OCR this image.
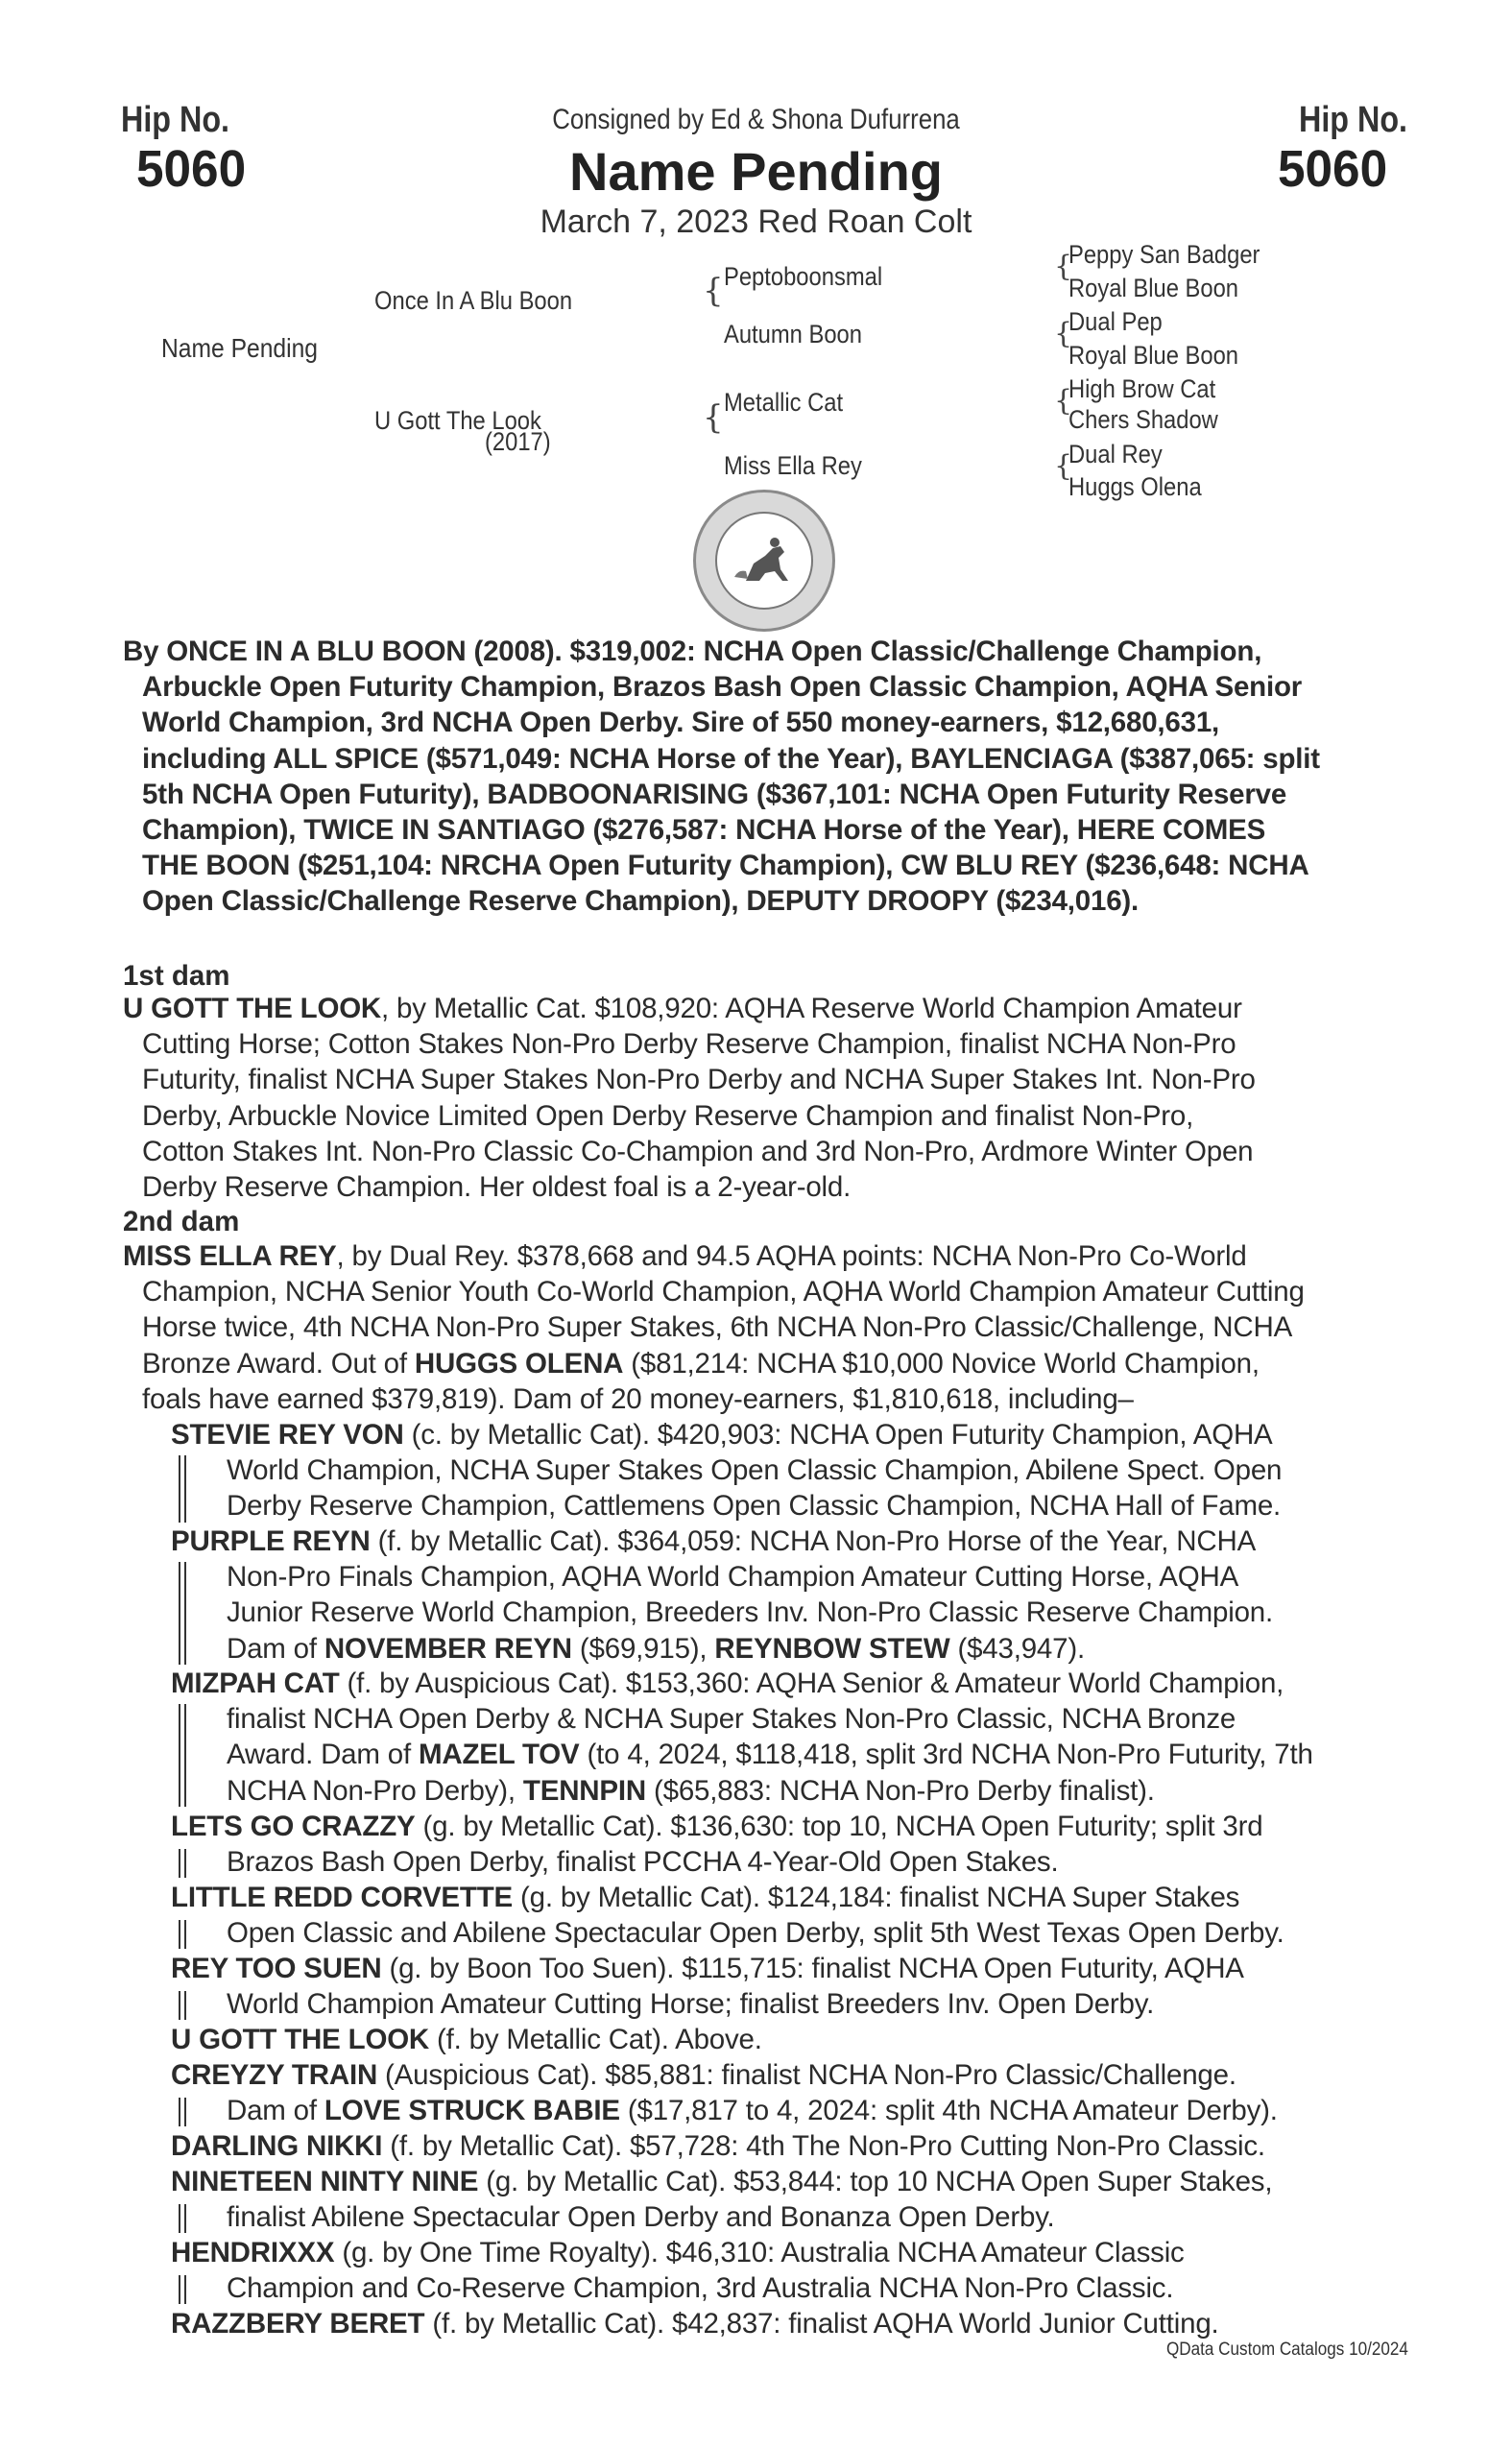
Hip No.
5060
Hip No.
5060
Consigned by Ed & Shona Dufurrena
Name Pending
March 7, 2023 Red Roan Colt
Name Pending
Once In A Blu Boon
U Gott The Look
(2017)
{ Peptoboonsmal
Autumn Boon
{ Metallic Cat
Miss Ella Rey
{
Peppy San Badger
Royal Blue Boon
{
Dual Pep
Royal Blue Boon
{
High Brow Cat
Chers Shadow
{
Dual Rey
Huggs Olena
By ONCE IN A BLU BOON (2008). $319,002: NCHA Open Classic/Challenge Champion,
Arbuckle Open Futurity Champion, Brazos Bash Open Classic Champion, AQHA Senior
World Champion, 3rd NCHA Open Derby. Sire of 550 money-earners, $12,680,631,
including ALL SPICE ($571,049: NCHA Horse of the Year), BAYLENCIAGA ($387,065: split
5th NCHA Open Futurity), BADBOONARISING ($367,101: NCHA Open Futurity Reserve
Champion), TWICE IN SANTIAGO ($276,587: NCHA Horse of the Year), HERE COMES
THE BOON ($251,104: NRCHA Open Futurity Champion), CW BLU REY ($236,648: NCHA
Open Classic/Challenge Reserve Champion), DEPUTY DROOPY ($234,016).
1st dam
U GOTT THE LOOK, by Metallic Cat. $108,920: AQHA Reserve World Champion Amateur
Cutting Horse; Cotton Stakes Non-Pro Derby Reserve Champion, finalist NCHA Non-Pro
Futurity, finalist NCHA Super Stakes Non-Pro Derby and NCHA Super Stakes Int. Non-Pro
Derby, Arbuckle Novice Limited Open Derby Reserve Champion and finalist Non-Pro,
Cotton Stakes Int. Non-Pro Classic Co-Champion and 3rd Non-Pro, Ardmore Winter Open
Derby Reserve Champion. Her oldest foal is a 2-year-old.
2nd dam
MISS ELLA REY, by Dual Rey. $378,668 and 94.5 AQHA points: NCHA Non-Pro Co-World
Champion, NCHA Senior Youth Co-World Champion, AQHA World Champion Amateur Cutting
Horse twice, 4th NCHA Non-Pro Super Stakes, 6th NCHA Non-Pro Classic/Challenge, NCHA
Bronze Award. Out of HUGGS OLENA ($81,214: NCHA $10,000 Novice World Champion,
foals have earned $379,819). Dam of 20 money-earners, $1,810,618, including–
STEVIE REY VON (c. by Metallic Cat). $420,903: NCHA Open Futurity Champion, AQHA
World Champion, NCHA Super Stakes Open Classic Champion, Abilene Spect. Open
Derby Reserve Champion, Cattlemens Open Classic Champion, NCHA Hall of Fame.
PURPLE REYN (f. by Metallic Cat). $364,059: NCHA Non-Pro Horse of the Year, NCHA
Non-Pro Finals Champion, AQHA World Champion Amateur Cutting Horse, AQHA
Junior Reserve World Champion, Breeders Inv. Non-Pro Classic Reserve Champion.
Dam of NOVEMBER REYN ($69,915), REYNBOW STEW ($43,947).
MIZPAH CAT (f. by Auspicious Cat). $153,360: AQHA Senior & Amateur World Champion,
finalist NCHA Open Derby & NCHA Super Stakes Non-Pro Classic, NCHA Bronze
Award. Dam of MAZEL TOV (to 4, 2024, $118,418, split 3rd NCHA Non-Pro Futurity, 7th
NCHA Non-Pro Derby), TENNPIN ($65,883: NCHA Non-Pro Derby finalist).
LETS GO CRAZZY (g. by Metallic Cat). $136,630: top 10, NCHA Open Futurity; split 3rd
Brazos Bash Open Derby, finalist PCCHA 4-Year-Old Open Stakes.
LITTLE REDD CORVETTE (g. by Metallic Cat). $124,184: finalist NCHA Super Stakes
Open Classic and Abilene Spectacular Open Derby, split 5th West Texas Open Derby.
REY TOO SUEN (g. by Boon Too Suen). $115,715: finalist NCHA Open Futurity, AQHA
World Champion Amateur Cutting Horse; finalist Breeders Inv. Open Derby.
U GOTT THE LOOK (f. by Metallic Cat). Above.
CREYZY TRAIN (Auspicious Cat). $85,881: finalist NCHA Non-Pro Classic/Challenge.
Dam of LOVE STRUCK BABIE ($17,817 to 4, 2024: split 4th NCHA Amateur Derby).
DARLING NIKKI (f. by Metallic Cat). $57,728: 4th The Non-Pro Cutting Non-Pro Classic.
NINETEEN NINTY NINE (g. by Metallic Cat). $53,844: top 10 NCHA Open Super Stakes,
finalist Abilene Spectacular Open Derby and Bonanza Open Derby.
HENDRIXXX (g. by One Time Royalty). $46,310: Australia NCHA Amateur Classic
Champion and Co-Reserve Champion, 3rd Australia NCHA Non-Pro Classic.
RAZZBERY BERET (f. by Metallic Cat). $42,837: finalist AQHA World Junior Cutting.
QData Custom Catalogs 10/2024
